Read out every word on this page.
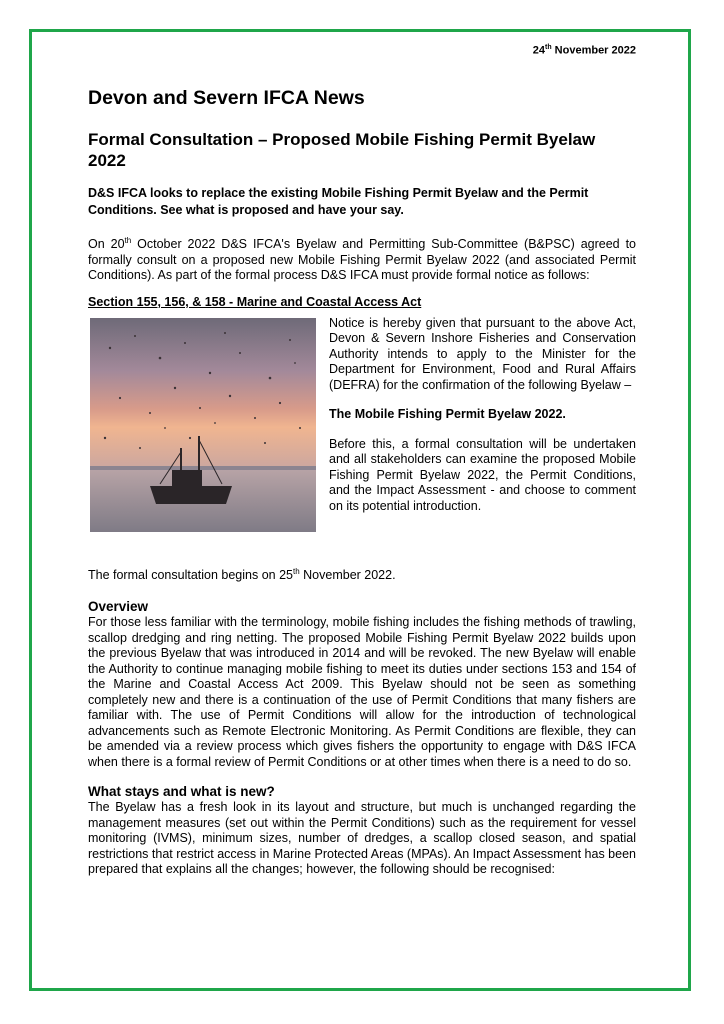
24th November 2022
Devon and Severn IFCA News
Formal Consultation – Proposed Mobile Fishing Permit Byelaw 2022
D&S IFCA looks to replace the existing Mobile Fishing Permit Byelaw and the Permit Conditions. See what is proposed and have your say.

On 20th October 2022 D&S IFCA's Byelaw and Permitting Sub-Committee (B&PSC) agreed to formally consult on a proposed new Mobile Fishing Permit Byelaw 2022 (and associated Permit Conditions). As part of the formal process D&S IFCA must provide formal notice as follows:

Section 155, 156, & 158 - Marine and Coastal Access Act

Notice is hereby given that pursuant to the above Act, Devon & Severn Inshore Fisheries and Conservation Authority intends to apply to the Minister for the Department for Environment, Food and Rural Affairs (DEFRA) for the confirmation of the following Byelaw –

The Mobile Fishing Permit Byelaw 2022.

Before this, a formal consultation will be undertaken and all stakeholders can examine the proposed Mobile Fishing Permit Byelaw 2022, the Permit Conditions, and the Impact Assessment - and choose to comment on its potential introduction.

The formal consultation begins on 25th November 2022.

Overview

For those less familiar with the terminology, mobile fishing includes the fishing methods of trawling, scallop dredging and ring netting. The proposed Mobile Fishing Permit Byelaw 2022 builds upon the previous Byelaw that was introduced in 2014 and will be revoked. The new Byelaw will enable the Authority to continue managing mobile fishing to meet its duties under sections 153 and 154 of the Marine and Coastal Access Act 2009. This Byelaw should not be seen as something completely new and there is a continuation of the use of Permit Conditions that many fishers are familiar with. The use of Permit Conditions will allow for the introduction of technological advancements such as Remote Electronic Monitoring. As Permit Conditions are flexible, they can be amended via a review process which gives fishers the opportunity to engage with D&S IFCA when there is a formal review of Permit Conditions or at other times when there is a need to do so.

What stays and what is new?

The Byelaw has a fresh look in its layout and structure, but much is unchanged regarding the management measures (set out within the Permit Conditions) such as the requirement for vessel monitoring (IVMS), minimum sizes, number of dredges, a scallop closed season, and spatial restrictions that restrict access in Marine Protected Areas (MPAs). An Impact Assessment has been prepared that explains all the changes; however, the following should be recognised:
